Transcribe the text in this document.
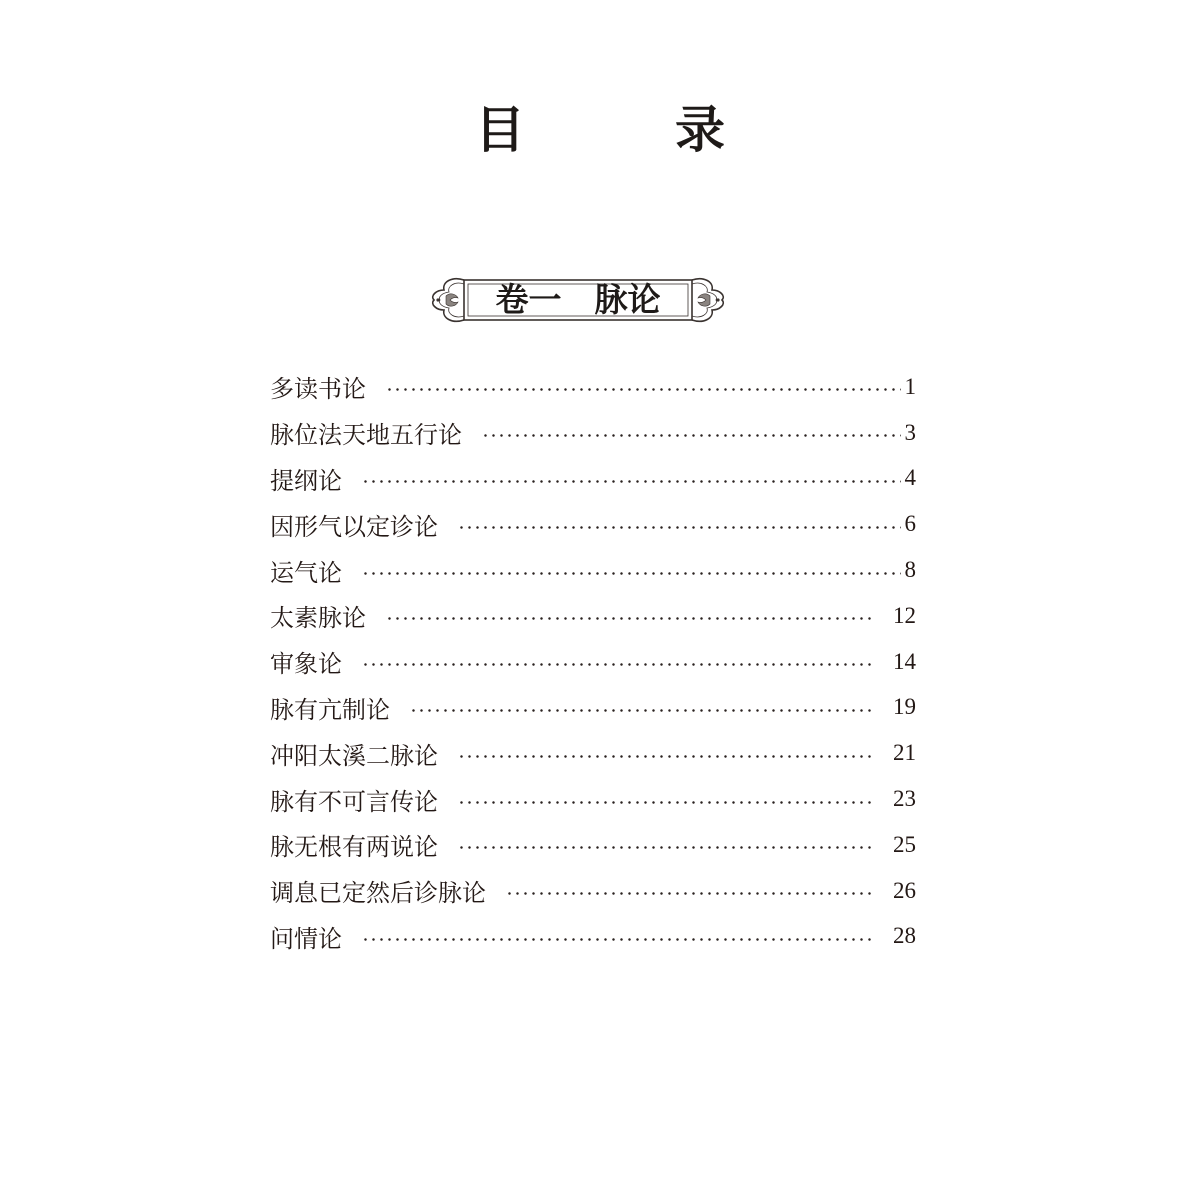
目　录
卷一　脉论
多读书论	1
脉位法天地五行论	3
提纲论	4
因形气以定诊论	6
运气论	8
太素脉论	12
审象论	14
脉有亢制论	19
冲阳太溪二脉论	21
脉有不可言传论	23
脉无根有两说论	25
调息已定然后诊脉论	26
问情论	28
